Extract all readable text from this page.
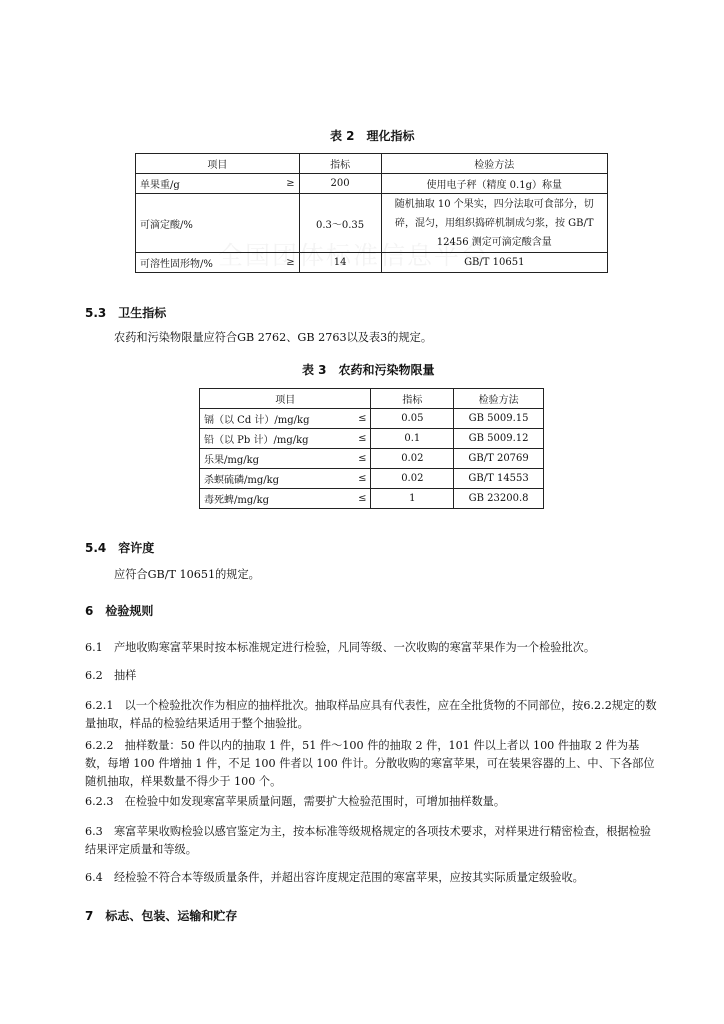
表 2　理化指标
项目	指标	检验方法

单果重/g ≥	200	使用电子秤（精度 0.1g）称量

可滴定酸/%	0.3～0.35	随机抽取 10 个果实，四分法取可食部分，切
碎，混匀，用组织捣碎机制成匀浆，按 GB/T
12456 测定可滴定酸含量

可溶性固形物/% ≥	14	GB/T 10651
5.3　卫生指标
农药和污染物限量应符合GB 2762、GB 2763以及表3的规定。
表 3　农药和污染物限量
项目	指标	检验方法

镉（以 Cd 计）/mg/kg ≤	0.05	GB 5009.15

铅（以 Pb 计）/mg/kg ≤	0.1	GB 5009.12

乐果/mg/kg ≤	0.02	GB/T 20769

杀螟硫磷/mg/kg ≤	0.02	GB/T 14553

毒死蜱/mg/kg ≤	1	GB 23200.8
5.4　容许度
应符合GB/T 10651的规定。
6　检验规则
6.1　产地收购寒富苹果时按本标准规定进行检验，凡同等级、一次收购的寒富苹果作为一个检验批次。
6.2　抽样
6.2.1　以一个检验批次作为相应的抽样批次。抽取样品应具有代表性，应在全批货物的不同部位，按6.2.2规定的数量抽取，样品的检验结果适用于整个抽验批。
6.2.2　抽样数量：50 件以内的抽取 1 件，51 件～100 件的抽取 2 件，101 件以上者以 100 件抽取 2 件为基数，每增 100 件增抽 1 件，不足 100 件者以 100 件计。分散收购的寒富苹果，可在装果容器的上、中、下各部位随机抽取，样果数量不得少于 100 个。
6.2.3　在检验中如发现寒富苹果质量问题，需要扩大检验范围时，可增加抽样数量。
6.3　寒富苹果收购检验以感官鉴定为主，按本标准等级规格规定的各项技术要求，对样果进行精密检查，根据检验结果评定质量和等级。
6.4　经检验不符合本等级质量条件，并超出容许度规定范围的寒富苹果，应按其实际质量定级验收。
7　标志、包装、运输和贮存
